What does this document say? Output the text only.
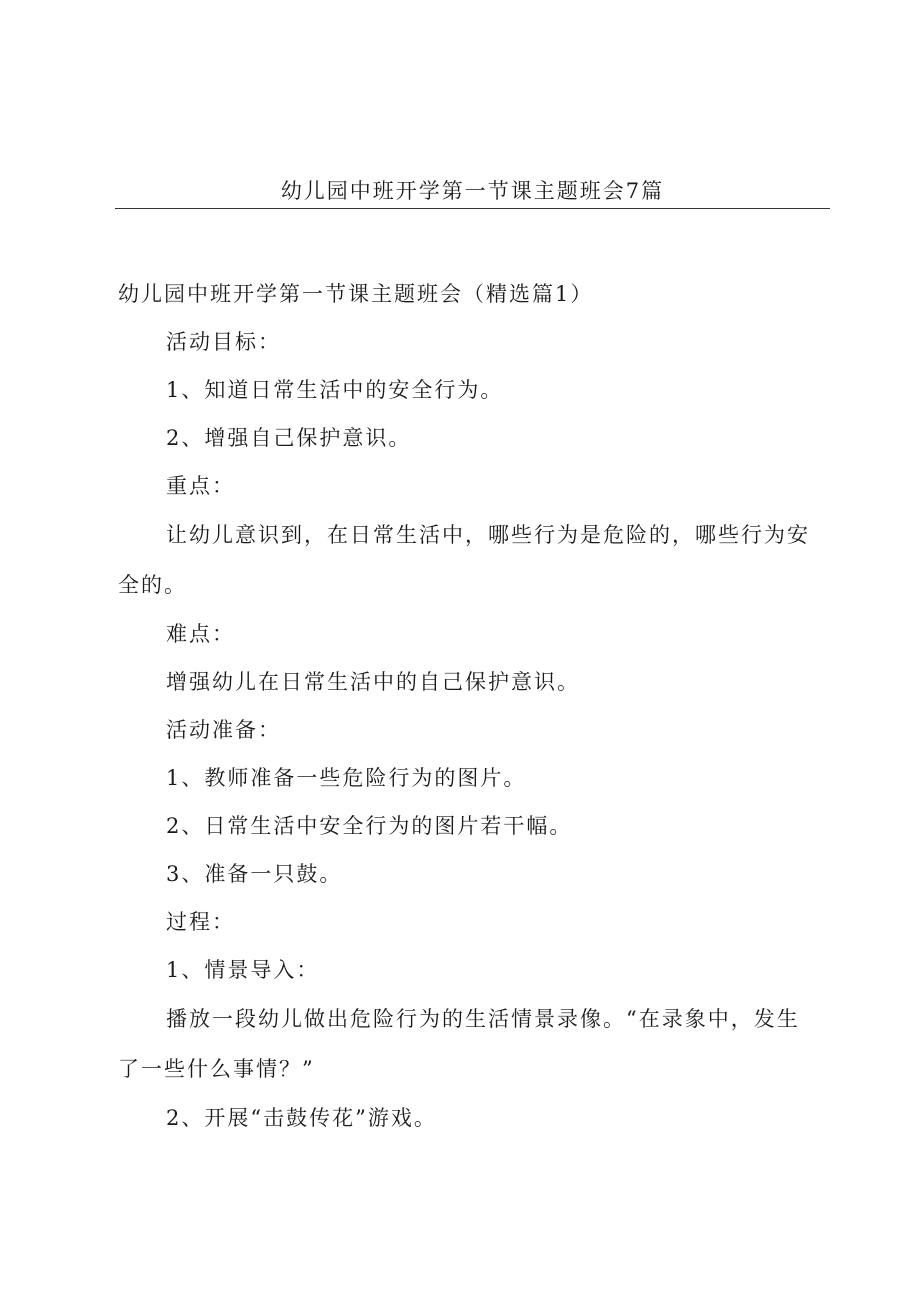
幼儿园中班开学第一节课主题班会7篇

幼儿园中班开学第一节课主题班会（精选篇1）

活动目标：

1、知道日常生活中的安全行为。

2、增强自己保护意识。

重点：

让幼儿意识到，在日常生活中，哪些行为是危险的，哪些行为安全的。

难点：

增强幼儿在日常生活中的自己保护意识。

活动准备：

1、教师准备一些危险行为的图片。

2、日常生活中安全行为的图片若干幅。

3、准备一只鼓。

过程：

1、情景导入：

播放一段幼儿做出危险行为的生活情景录像。“在录象中，发生了一些什么事情？”

2、开展“击鼓传花”游戏。
